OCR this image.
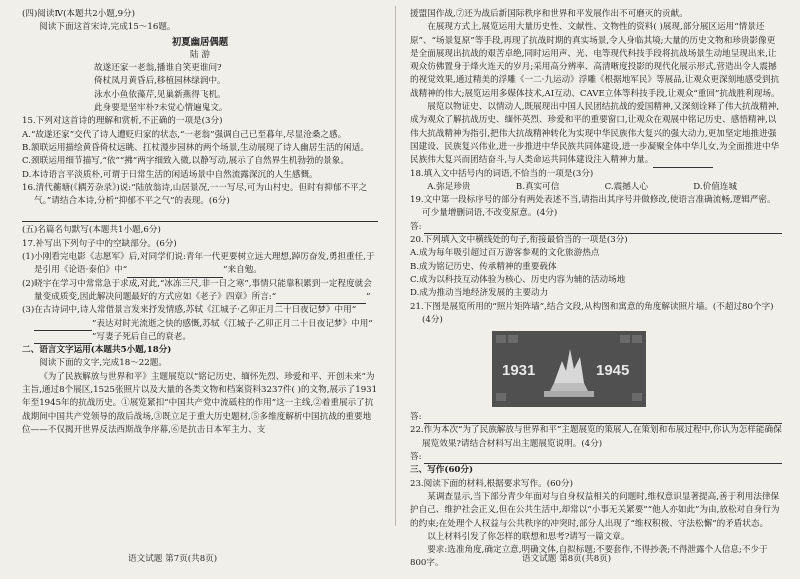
(四)阅读Ⅳ(本题共2小题,9分)

阅读下面这首宋诗,完成15～16题。

初夏幽居偶题

陆 游

故遂还家一老翁,播谁自笑更谁问?

倚杖凤月黄昏后,移植园林绿润中。

泳水小鱼依藻芹,见巢新燕得飞机。

此身要是坚牢朴?未觉心情遍鬼文。

15.下列对这首诗的理解和赏析,不正确的一项是(3分)

A.“故遂还家”交代了诗人遭贬归家的状态,“一老翁”强调自己已至暮年,尽显沧桑之感。

B.颔联运用描绘黄昏倚杖远眺、扛杖漫步园林的两个场景,生动展现了诗人幽居生活的闲适。

C.颈联运用细节描写,“依”“拂”两字细致入微,以静写动,展示了自然界生机勃勃的景象。

D.本诗语言平淡质朴,可谓于日常生活的闲适场景中自然流露深沉的人生感慨。

16.清代蘅塘(《耦芳杂录》)说:“陆放翁诗,山居景况,一一写尽,可为山村史。但时有抑郁不平之气。”请结合本诗,分析“抑郁不平之气”的表现。(6分)

(五)名篇名句默写(本题共1小题,6分)

17.补写出下列句子中的空缺部分。(6分)

(1)小刚看完电影《志愿军》后,对同学们说:青年一代更要树立远大理想,踔厉奋发,勇担重任,于是引用《论语·泰伯》中“	”来自勉。

(2)晓宇在学习中常常急于求成,对此,“冰冻三尺,非一日之寒”,事情只能靠积累到一定程度就会量变成质变,因此解决问题最好的方式应如《老子》四章》所言:“	”

(3)在古诗词中,诗人常借景言发来抒发情感,苏轼《江城子·乙卯正月二十日夜记梦》中用“”表达对时光流逝之快的感慨,苏轼《江城子·乙卯正月二十日夜记梦》中用“”写妻子死后自己的衰老。

二、语言文字运用(本题共5小题,18分)

阅读下面的文字,完成18～22题。

《为了民族解放与世界和平》主题展览以“铭记历史、缅怀先烈、珍爱和平、开创未来”为主旨,通过8个展区,1525张照片以及大量的各类文物和档案资料3237件( )的文物,展示了1931年至1945年的抗战历史。①展览紧扣“中国共产党中流砥柱的作用”这一主线,②着重展示了抗战期间中国共产党领导的敌后战场,③既立足于重大历史题材,⑤多维度解析中国抗战的重要地位——不仅揭开世界反法西斯战争序幕,⑥是抗击日本军主力、支

援盟国作战,⑦还为战后新国际秩序和世界和平发展作出不可磨灭的贡献。

在展现方式上,展览运用大量历史性、文献性、文物性的资料( )展现,部分展区运用“情景还原”、“场景复原”等手段,再现了抗战时期的真实场景,令人身临其境;大量的历史文物和珍贵影像更是全面展现出抗战的艰苦卓绝,同时运用声、光、电等现代科技手段将抗战场景生动地呈现出来,让观众仿佛置身于烽火连天的岁月;采用高分辨率、高清晰度投影的现代化展示形式,营造出令人震撼的视觉效果,通过精美的浮雕《一二·九运动》浮雕《根据地军民》等展品,让观众更深刻地感受到抗战精神的伟大;展览运用多媒体技术,AI互动、CAVE立体等科技手段,让观众“重回”抗战胜利现场。

展览以物证史、以情动人,既展现出中国人民团结抗战的爱国精神,又深刻诠释了伟大抗战精神,成为观众了解抗战历史、缅怀英烈、珍爱和平的重要窗口,让观众在观展中铭记历史、感悟精神,以伟大抗战精神为指引,把伟大抗战精神转化为实现中华民族伟大复兴的强大动力,更加坚定地推进强国建设、民族复兴伟业,进一步推进中华民族共同体建设,进一步凝聚全体中华儿女,为全面推进中华民族伟大复兴而团结奋斗,与人类命运共同体建设注入精神力量。

18.填入文中括号内的词语,不恰当的一项是(3分)

A.弥足珍贵	B.真实可信	C.震撼人心	D.价值连城

19.文中第一段标序号的部分有两处表述不当,请指出其序号并做修改,使语言准确流畅,逻辑严密。可少量增删词语,不改变原意。(4分)

答:

20.下列填入文中横线处的句子,衔接最恰当的一项是(3分)

A.成为每年吸引超过百万游客参观的文化旅游热点

B.成为铭记历史、传承精神的重要载体

C.成为以科技互动体验为核心、历史内容为辅的活动场地

D.成为推动当地经济发展的主要动力

21.下图是展览所用的“照片矩阵墙”,结合文段,从构图和寓意的角度解读照片墙。(不超过80个字)(4分)

1931	1945
答:

22.作为本次“为了民族解放与世界和平”主题展览的策展人,在策划和布展过程中,你认为怎样能确保展览效果?请结合材料写出主题展览说明。(4分)

答:

三、写作(60分)

23.阅读下面的材料,根据要求写作。(60分)

某调查显示,当下部分青少年面对与自身权益相关的问题时,维权意识显著提高,善于利用法律保护自己、维护社会正义,但在公共生活中,却常以“小事无关紧要”“他人亦如此”为由,放松对自身行为的约束;在处理个人权益与公共秩序的冲突时,部分人出现了“维权积极、守法松懈”的矛盾状态。

以上材料引发了你怎样的联想和思考?请写一篇文章。

要求:选准角度,确定立意,明确文体,自拟标题;不要套作,不得抄袭;不得泄露个人信息;不少于800字。

语文试题 第7页(共8页)	语文试题 第8页(共8页)
